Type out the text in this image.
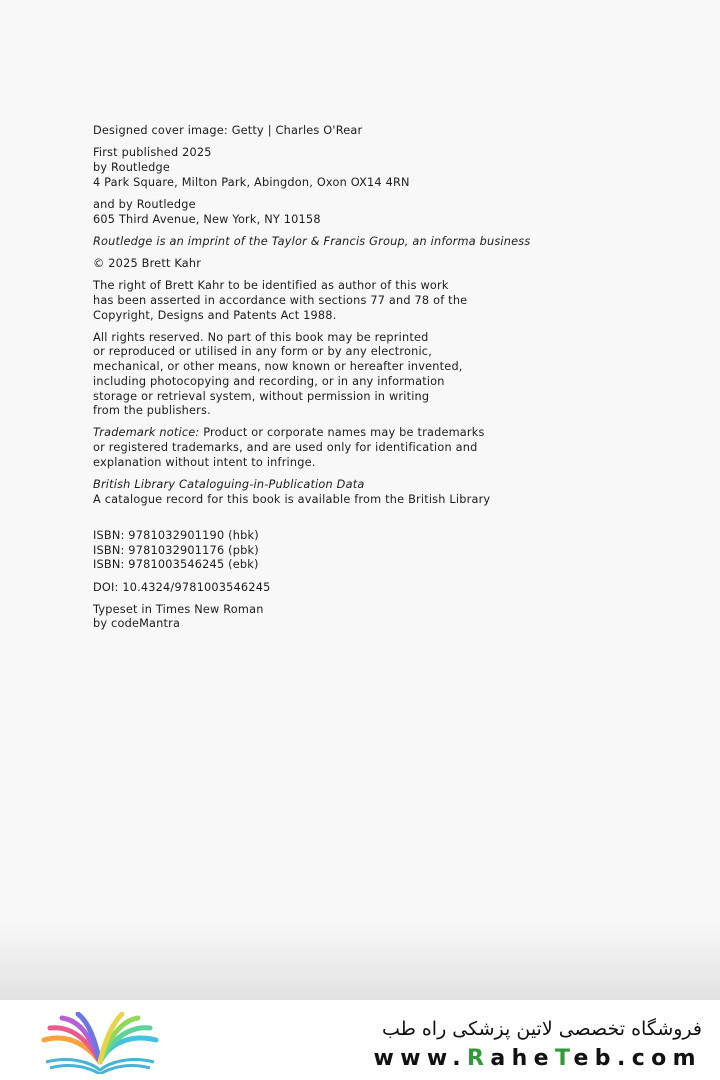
Designed cover image: Getty | Charles O'Rear
First published 2025
by Routledge
4 Park Square, Milton Park, Abingdon, Oxon OX14 4RN
and by Routledge
605 Third Avenue, New York, NY 10158
Routledge is an imprint of the Taylor & Francis Group, an informa business
© 2025 Brett Kahr
The right of Brett Kahr to be identified as author of this work
has been asserted in accordance with sections 77 and 78 of the
Copyright, Designs and Patents Act 1988.
All rights reserved. No part of this book may be reprinted
or reproduced or utilised in any form or by any electronic,
mechanical, or other means, now known or hereafter invented,
including photocopying and recording, or in any information
storage or retrieval system, without permission in writing
from the publishers.
Trademark notice: Product or corporate names may be trademarks
or registered trademarks, and are used only for identification and
explanation without intent to infringe.
British Library Cataloguing-in-Publication Data
A catalogue record for this book is available from the British Library
ISBN: 9781032901190 (hbk)
ISBN: 9781032901176 (pbk)
ISBN: 9781003546245 (ebk)
DOI: 10.4324/9781003546245
Typeset in Times New Roman
by codeMantra
فروشگاه تخصصی لاتین پزشکی راه طب
www.RaheTeb.com
